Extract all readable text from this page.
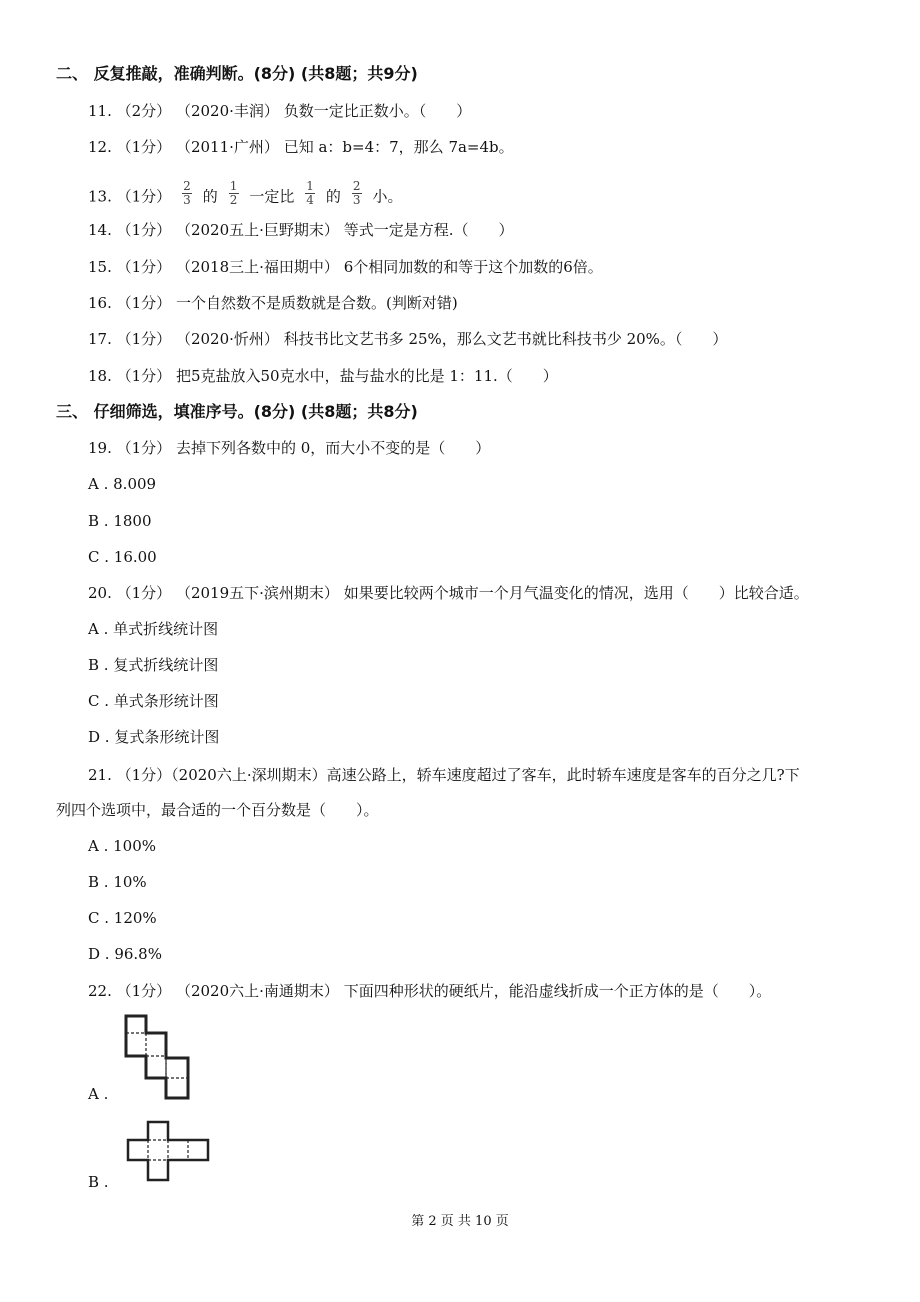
二、 反复推敲，准确判断。(8分) (共8题；共9分)
11. （2分） （2020·丰润） 负数一定比正数小。（　　）
12. （1分） （2011·广州） 已知 a：b=4：7，那么 7a=4b。
13. （1分） $\frac{2}{3}$ 的 $\frac{1}{2}$ 一定比 $\frac{1}{4}$ 的 $\frac{2}{3}$ 小。
14. （1分） （2020五上·巨野期末） 等式一定是方程.（　　）
15. （1分） （2018三上·福田期中） 6个相同加数的和等于这个加数的6倍。
16. （1分） 一个自然数不是质数就是合数。(判断对错)
17. （1分） （2020·忻州） 科技书比文艺书多 25%，那么文艺书就比科技书少 20%。（　　）
18. （1分） 把5克盐放入50克水中，盐与盐水的比是 1：11.（　　）
三、 仔细筛选，填准序号。(8分) (共8题；共8分)
19. （1分） 去掉下列各数中的 0，而大小不变的是（　　）
A . 8.009
B . 1800
C . 16.00
20. （1分） （2019五下·滨州期末） 如果要比较两个城市一个月气温变化的情况，选用（　　）比较合适。
A . 单式折线统计图
B . 复式折线统计图
C . 单式条形统计图
D . 复式条形统计图
21. （1分）（2020六上·深圳期末）高速公路上，轿车速度超过了客车，此时轿车速度是客车的百分之几?下
列四个选项中，最合适的一个百分数是（　　）。
A . 100%
B . 10%
C . 120%
D . 96.8%
22. （1分） （2020六上·南通期末） 下面四种形状的硬纸片，能沿虚线折成一个正方体的是（　　）。
A .
B .
第 2 页 共 10 页
